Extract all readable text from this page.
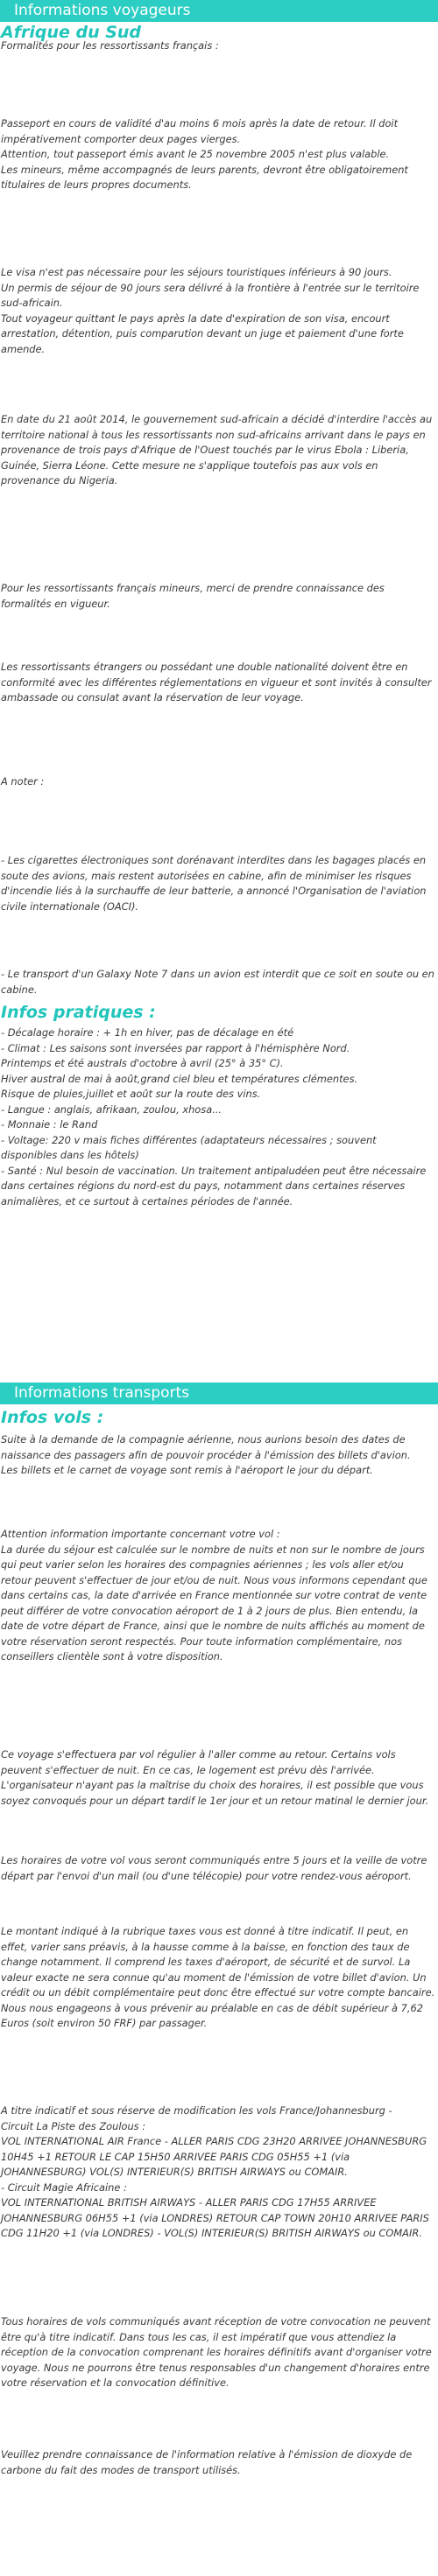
Informations voyageurs
Afrique du Sud
Formalités pour les ressortissants français :
Passeport en cours de validité d'au moins 6 mois après la date de retour. Il doit impérativement comporter deux pages vierges.
Attention, tout passeport émis avant le 25 novembre 2005 n'est plus valable.
Les mineurs, même accompagnés de leurs parents, devront être obligatoirement titulaires de leurs propres documents.
Le visa n'est pas nécessaire pour les séjours touristiques inférieurs à 90 jours.
Un permis de séjour de 90 jours sera délivré à la frontière à l'entrée sur le territoire sud-africain.
Tout voyageur quittant le pays après la date d'expiration de son visa, encourt arrestation, détention, puis comparution devant un juge et paiement d'une forte amende.
En date du 21 août 2014, le gouvernement sud-africain a décidé d'interdire l'accès au territoire national à tous les ressortissants non sud-africains arrivant dans le pays en provenance de trois pays d'Afrique de l'Ouest touchés par le virus Ebola : Liberia, Guinée, Sierra Léone. Cette mesure ne s'applique toutefois pas aux vols en provenance du Nigeria.
Pour les ressortissants français mineurs, merci de prendre connaissance des formalités en vigueur.
Les ressortissants étrangers ou possédant une double nationalité doivent être en conformité avec les différentes réglementations en vigueur et sont invités à consulter ambassade ou consulat avant la réservation de leur voyage.
A noter :
- Les cigarettes électroniques sont dorénavant interdites dans les bagages placés en soute des avions, mais restent autorisées en cabine, afin de minimiser les risques d'incendie liés à la surchauffe de leur batterie, a annoncé l'Organisation de l'aviation civile internationale (OACI).
- Le transport d'un Galaxy Note 7 dans un avion est interdit que ce soit en soute ou en cabine.
Infos pratiques :
- Décalage horaire : + 1h en hiver, pas de décalage en été
- Climat : Les saisons sont inversées par rapport à l'hémisphère Nord.
Printemps et été australs d'octobre à avril (25° à 35° C).
Hiver austral de mai à août,grand ciel bleu et températures clémentes.
Risque de pluies,juillet et août sur la route des vins.
- Langue : anglais, afrikaan, zoulou, xhosa...
- Monnaie : le Rand
- Voltage: 220 v mais fiches différentes (adaptateurs nécessaires ; souvent disponibles dans les hôtels)
- Santé : Nul besoin de vaccination. Un traitement antipaludéen peut être nécessaire dans certaines régions du nord-est du pays, notamment dans certaines réserves animalières, et ce surtout à certaines périodes de l'année.
Informations transports
Infos vols :
Suite à la demande de la compagnie aérienne, nous aurions besoin des dates de naissance des passagers afin de pouvoir procéder à l'émission des billets d'avion.
Les billets et le carnet de voyage sont remis à l'aéroport le jour du départ.
Attention information importante concernant votre vol :
La durée du séjour est calculée sur le nombre de nuits et non sur le nombre de jours qui peut varier selon les horaires des compagnies aériennes ; les vols aller et/ou retour peuvent s'effectuer de jour et/ou de nuit. Nous vous informons cependant que dans certains cas, la date d'arrivée en France mentionnée sur votre contrat de vente peut différer de votre convocation aéroport de 1 à 2 jours de plus. Bien entendu, la date de votre départ de France, ainsi que le nombre de nuits affichés au moment de votre réservation seront respectés. Pour toute information complémentaire, nos conseillers clientèle sont à votre disposition.
Ce voyage s'effectuera par vol régulier à l'aller comme au retour. Certains vols peuvent s'effectuer de nuit. En ce cas, le logement est prévu dès l'arrivée. L'organisateur n'ayant pas la maîtrise du choix des horaires, il est possible que vous soyez convoqués pour un départ tardif le 1er jour et un retour matinal le dernier jour.
Les horaires de votre vol vous seront communiqués entre 5 jours et la veille de votre départ par l'envoi d'un mail (ou d'une télécopie) pour votre rendez-vous aéroport.
Le montant indiqué à la rubrique taxes vous est donné à titre indicatif. Il peut, en effet, varier sans préavis, à la hausse comme à la baisse, en fonction des taux de change notamment. Il comprend les taxes d'aéroport, de sécurité et de survol. La valeur exacte ne sera connue qu'au moment de l'émission de votre billet d'avion. Un crédit ou un débit complémentaire peut donc être effectué sur votre compte bancaire. Nous nous engageons à vous prévenir au préalable en cas de débit supérieur à 7,62 Euros (soit environ 50 FRF) par passager.
A titre indicatif et sous réserve de modification les vols France/Johannesburg -
Circuit La Piste des Zoulous :
VOL INTERNATIONAL AIR France - ALLER PARIS CDG 23H20 ARRIVEE JOHANNESBURG 10H45 +1 RETOUR LE CAP 15H50 ARRIVEE PARIS CDG 05H55 +1 (via JOHANNESBURG) VOL(S) INTERIEUR(S) BRITISH AIRWAYS ou COMAIR.
- Circuit Magie Africaine :
VOL INTERNATIONAL BRITISH AIRWAYS - ALLER PARIS CDG 17H55 ARRIVEE JOHANNESBURG 06H55 +1 (via LONDRES) RETOUR CAP TOWN 20H10 ARRIVEE PARIS CDG 11H20 +1 (via LONDRES) - VOL(S) INTERIEUR(S) BRITISH AIRWAYS ou COMAIR.
Tous horaires de vols communiqués avant réception de votre convocation ne peuvent être qu'à titre indicatif. Dans tous les cas, il est impératif que vous attendiez la réception de la convocation comprenant les horaires définitifs avant d'organiser votre voyage. Nous ne pourrons être tenus responsables d'un changement d'horaires entre votre réservation et la convocation définitive.
Veuillez prendre connaissance de l'information relative à l'émission de dioxyde de carbone du fait des modes de transport utilisés.
